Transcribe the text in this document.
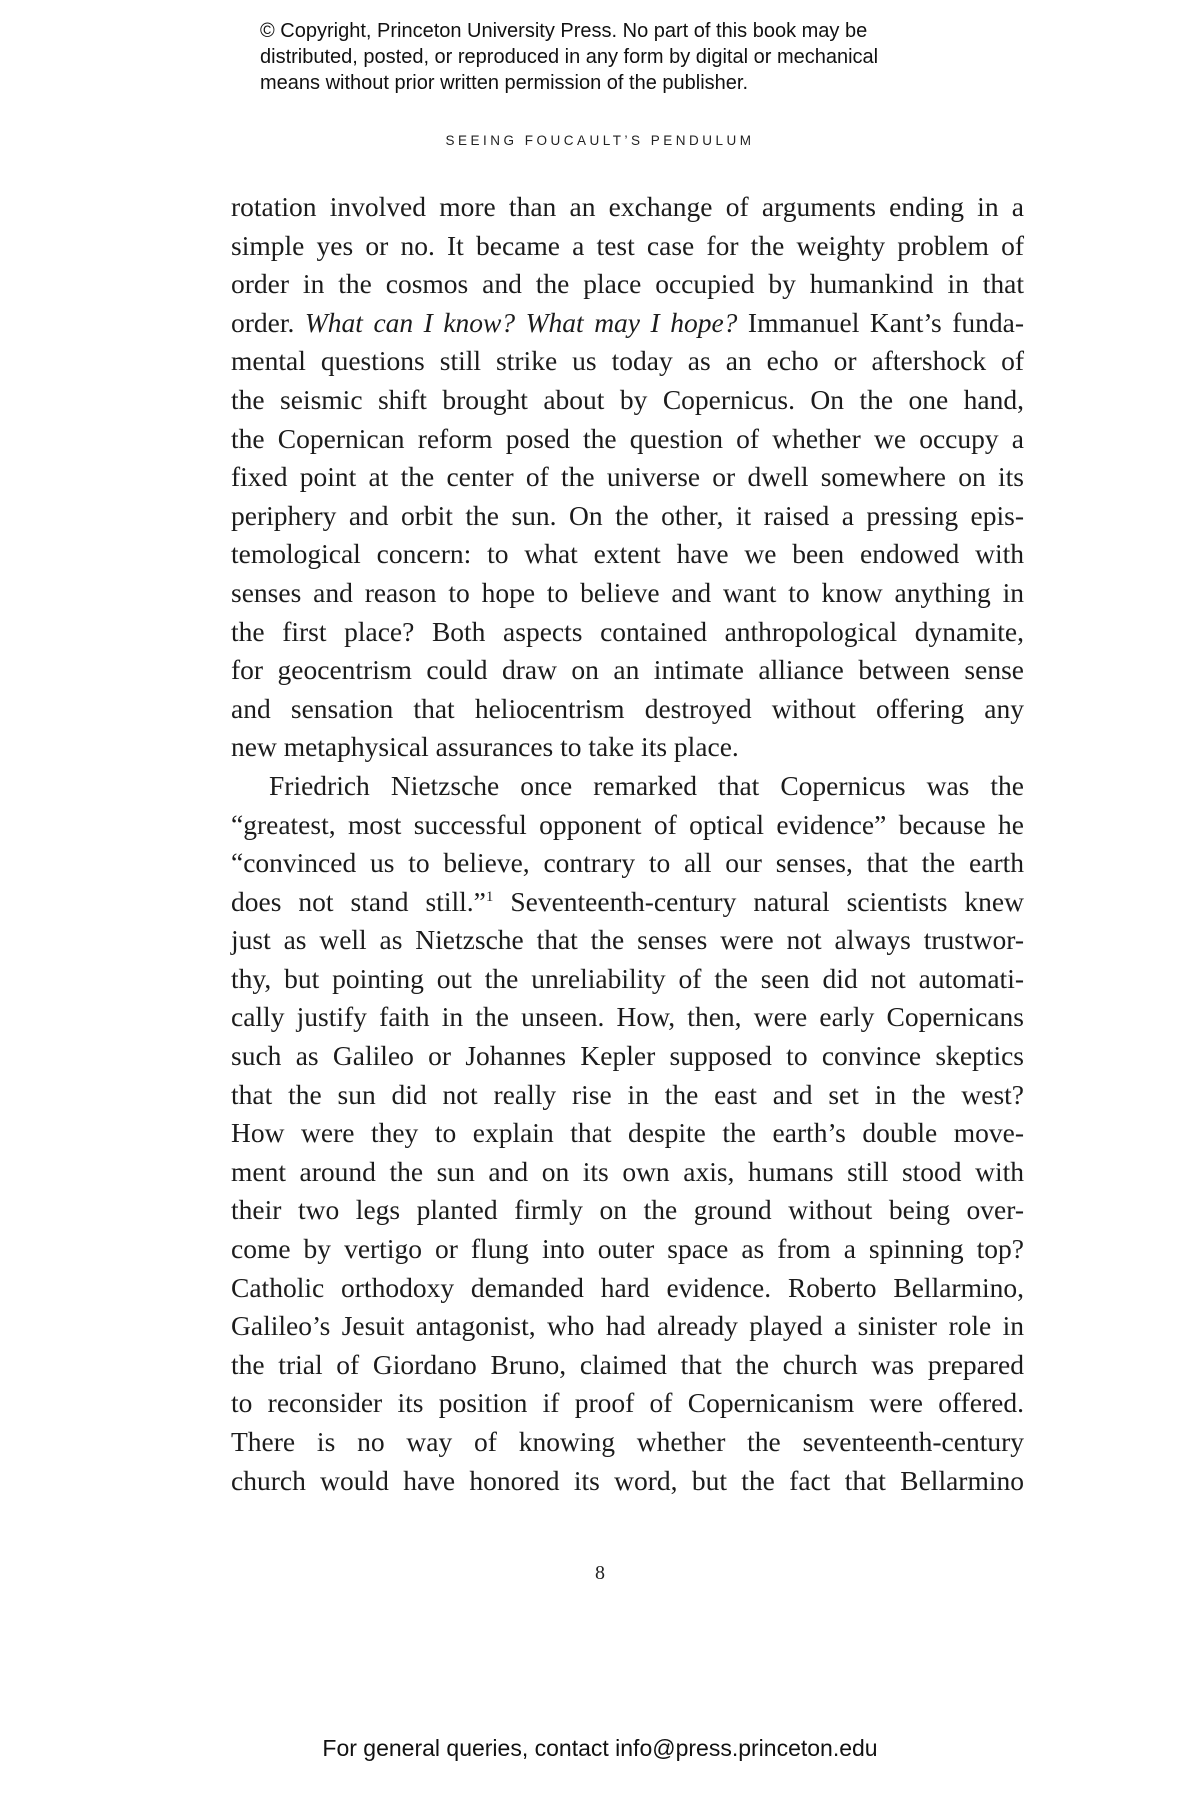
© Copyright, Princeton University Press. No part of this book may be
distributed, posted, or reproduced in any form by digital or mechanical
means without prior written permission of the publisher.
SEEING FOUCAULT’S PENDULUM
rotation involved more than an exchange of arguments ending in a
simple yes or no. It became a test case for the weighty problem of
order in the cosmos and the place occupied by humankind in that
order. What can I know? What may I hope? Immanuel Kant’s funda-
mental questions still strike us today as an echo or aftershock of
the seismic shift brought about by Copernicus. On the one hand,
the Copernican reform posed the question of whether we occupy a
fixed point at the center of the universe or dwell somewhere on its
periphery and orbit the sun. On the other, it raised a pressing epis-
temological concern: to what extent have we been endowed with
senses and reason to hope to believe and want to know anything in
the first place? Both aspects contained anthropological dynamite,
for geocentrism could draw on an intimate alliance between sense
and sensation that heliocentrism destroyed without offering any
new metaphysical assurances to take its place.
Friedrich Nietzsche once remarked that Copernicus was the
“greatest, most successful opponent of optical evidence” because he
“convinced us to believe, contrary to all our senses, that the earth
does not stand still.”$^1$ Seventeenth-century natural scientists knew
just as well as Nietzsche that the senses were not always trustwor-
thy, but pointing out the unreliability of the seen did not automati-
cally justify faith in the unseen. How, then, were early Copernicans
such as Galileo or Johannes Kepler supposed to convince skeptics
that the sun did not really rise in the east and set in the west?
How were they to explain that despite the earth’s double move-
ment around the sun and on its own axis, humans still stood with
their two legs planted firmly on the ground without being over-
come by vertigo or flung into outer space as from a spinning top?
Catholic orthodoxy demanded hard evidence. Roberto Bellarmino,
Galileo’s Jesuit antagonist, who had already played a sinister role in
the trial of Giordano Bruno, claimed that the church was prepared
to reconsider its position if proof of Copernicanism were offered.
There is no way of knowing whether the seventeenth-century
church would have honored its word, but the fact that Bellarmino
8
For general queries, contact info@press.princeton.edu
